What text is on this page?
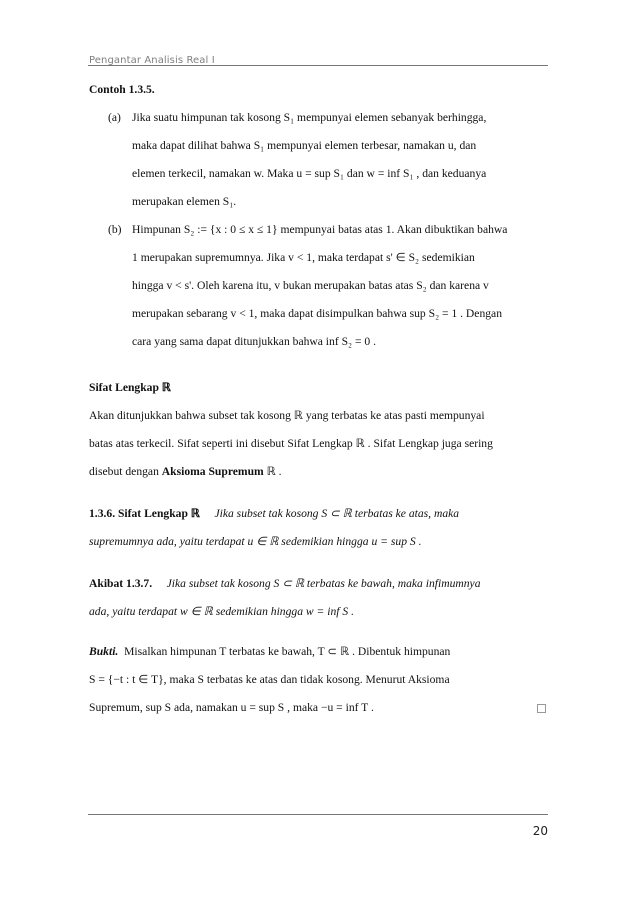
Pengantar Analisis Real I

Contoh 1.3.5.

(a) Jika suatu himpunan tak kosong S₁ mempunyai elemen sebanyak berhingga,

maka dapat dilihat bahwa S₁ mempunyai elemen terbesar, namakan u, dan

elemen terkecil, namakan w. Maka u = sup S₁ dan w = inf S₁ , dan keduanya

merupakan elemen S₁.

(b) Himpunan S₂ := {x : 0 ≤ x ≤ 1} mempunyai batas atas 1. Akan dibuktikan bahwa

1 merupakan supremumnya. Jika v < 1, maka terdapat s' ∈ S₂ sedemikian

hingga v < s'. Oleh karena itu, v bukan merupakan batas atas S₂ dan karena v

merupakan sebarang v < 1, maka dapat disimpulkan bahwa sup S₂ = 1 . Dengan

cara yang sama dapat ditunjukkan bahwa inf S₂ = 0 .

Sifat Lengkap ℝ

Akan ditunjukkan bahwa subset tak kosong ℝ yang terbatas ke atas pasti mempunyai

batas atas terkecil. Sifat seperti ini disebut Sifat Lengkap ℝ . Sifat Lengkap juga sering

disebut dengan Aksioma Supremum ℝ .

1.3.6. Sifat Lengkap ℝ Jika subset tak kosong S ⊂ ℝ terbatas ke atas, maka

supremumnya ada, yaitu terdapat u ∈ ℝ sedemikian hingga u = sup S .

Akibat 1.3.7. Jika subset tak kosong S ⊂ ℝ terbatas ke bawah, maka infimumnya

ada, yaitu terdapat w ∈ ℝ sedemikian hingga w = inf S .

Bukti. Misalkan himpunan T terbatas ke bawah, T ⊂ ℝ . Dibentuk himpunan

S = {−t : t ∈ T}, maka S terbatas ke atas dan tidak kosong. Menurut Aksioma

Supremum, sup S ada, namakan u = sup S , maka −u = inf T .

20
